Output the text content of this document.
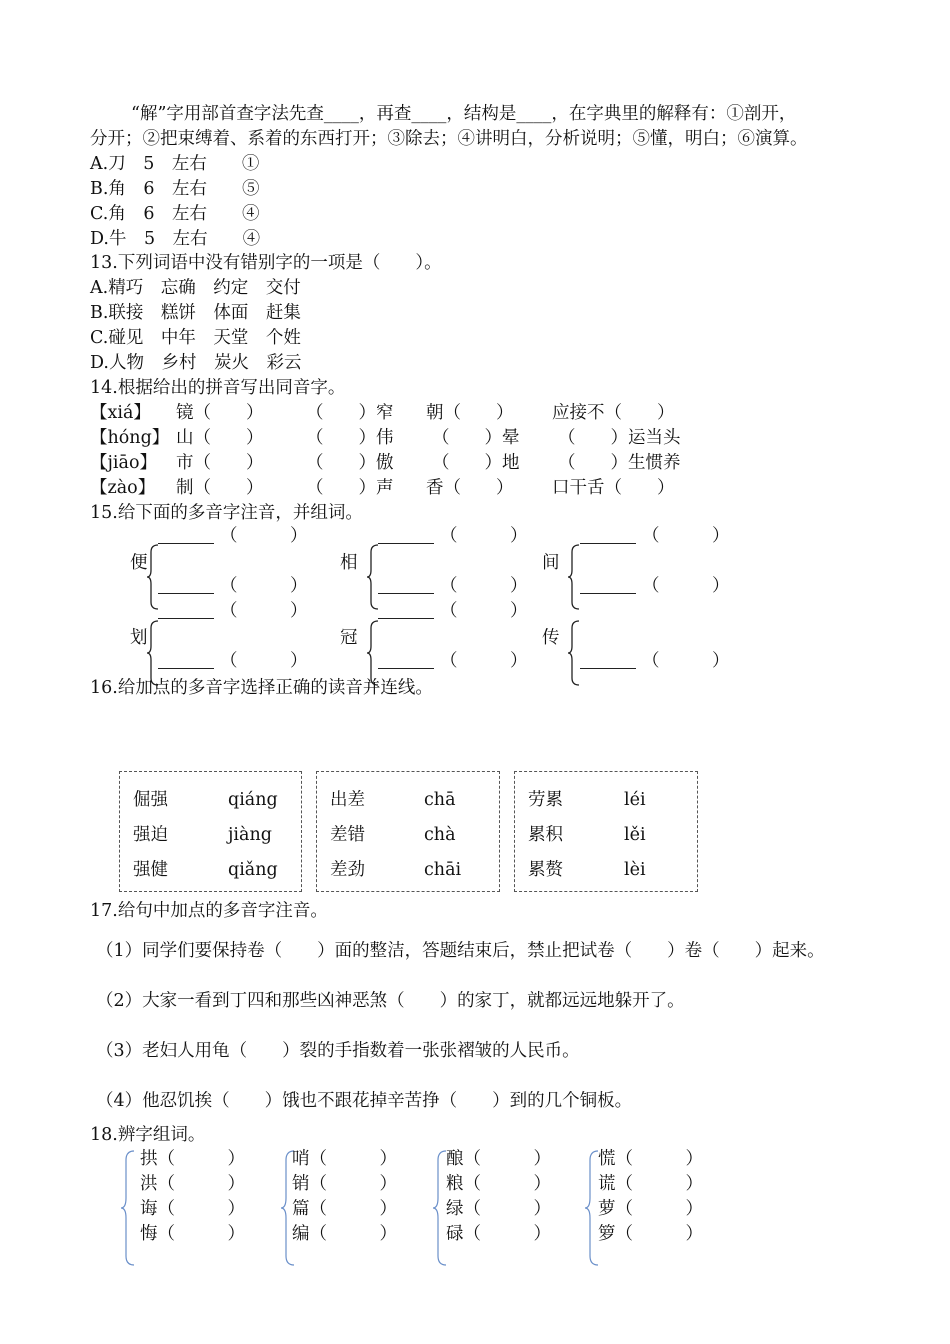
“解”字用部首查字法先查____，再查____，结构是____，在字典里的解释有：①剖开，
分开；②把束缚着、系着的东西打开；③除去；④讲明白，分析说明；⑤懂，明白；⑥演算。
A.刀　5　左右　　①
B.角　6　左右　　⑤
C.角　6　左右　　④
D.牛　5　左右　　④
13.下列词语中没有错别字的一项是（　　）。
A.精巧　忘确　约定　交付
B.联接　糕饼　体面　赶集
C.碰见　中年　天堂　个姓
D.人物　乡村　炭火　彩云
14.根据给出的拼音写出同音字。
【xiá】 镜（　　） （　　）窄 朝（　　） 应接不（　　）
【hóng】 山（　　） （　　）伟 （　　）晕 （　　）运当头
【jiāo】 市（　　） （　　）傲 （　　）地 （　　）生惯养
【zào】 制（　　） （　　）声 香（　　） 口干舌（　　）
15.给下面的多音字注音，并组词。
便
（　　　）
（　　　）
相
（　　　）
（　　　）
间
（　　　）
（　　　）
划
（　　　）
（　　　）
冠
（　　　）
（　　　）
传
（　　　）
16.给加点的多音字选择正确的读音并连线。
倔强
强迫
强健
qiáng
jiàng
qiǎng
出差
差错
差劲
chā
chà
chāi
劳累
累积
累赘
léi
lěi
lèi
17.给句中加点的多音字注音。
（1）同学们要保持卷（　　）面的整洁，答题结束后，禁止把试卷（　　）卷（　　）起来。
（2）大家一看到丁四和那些凶神恶煞（　　）的家丁，就都远远地躲开了。
（3）老妇人用龟（　　）裂的手指数着一张张褶皱的人民币。
（4）他忍饥挨（　　）饿也不跟花掉辛苦挣（　　）到的几个铜板。
18.辨字组词。
拱（　　　）
洪（　　　）
诲（　　　）
悔（　　　）
哨（　　　）
销（　　　）
篇（　　　）
编（　　　）
酿（　　　）
粮（　　　）
绿（　　　）
碌（　　　）
慌（　　　）
谎（　　　）
萝（　　　）
箩（　　　）
